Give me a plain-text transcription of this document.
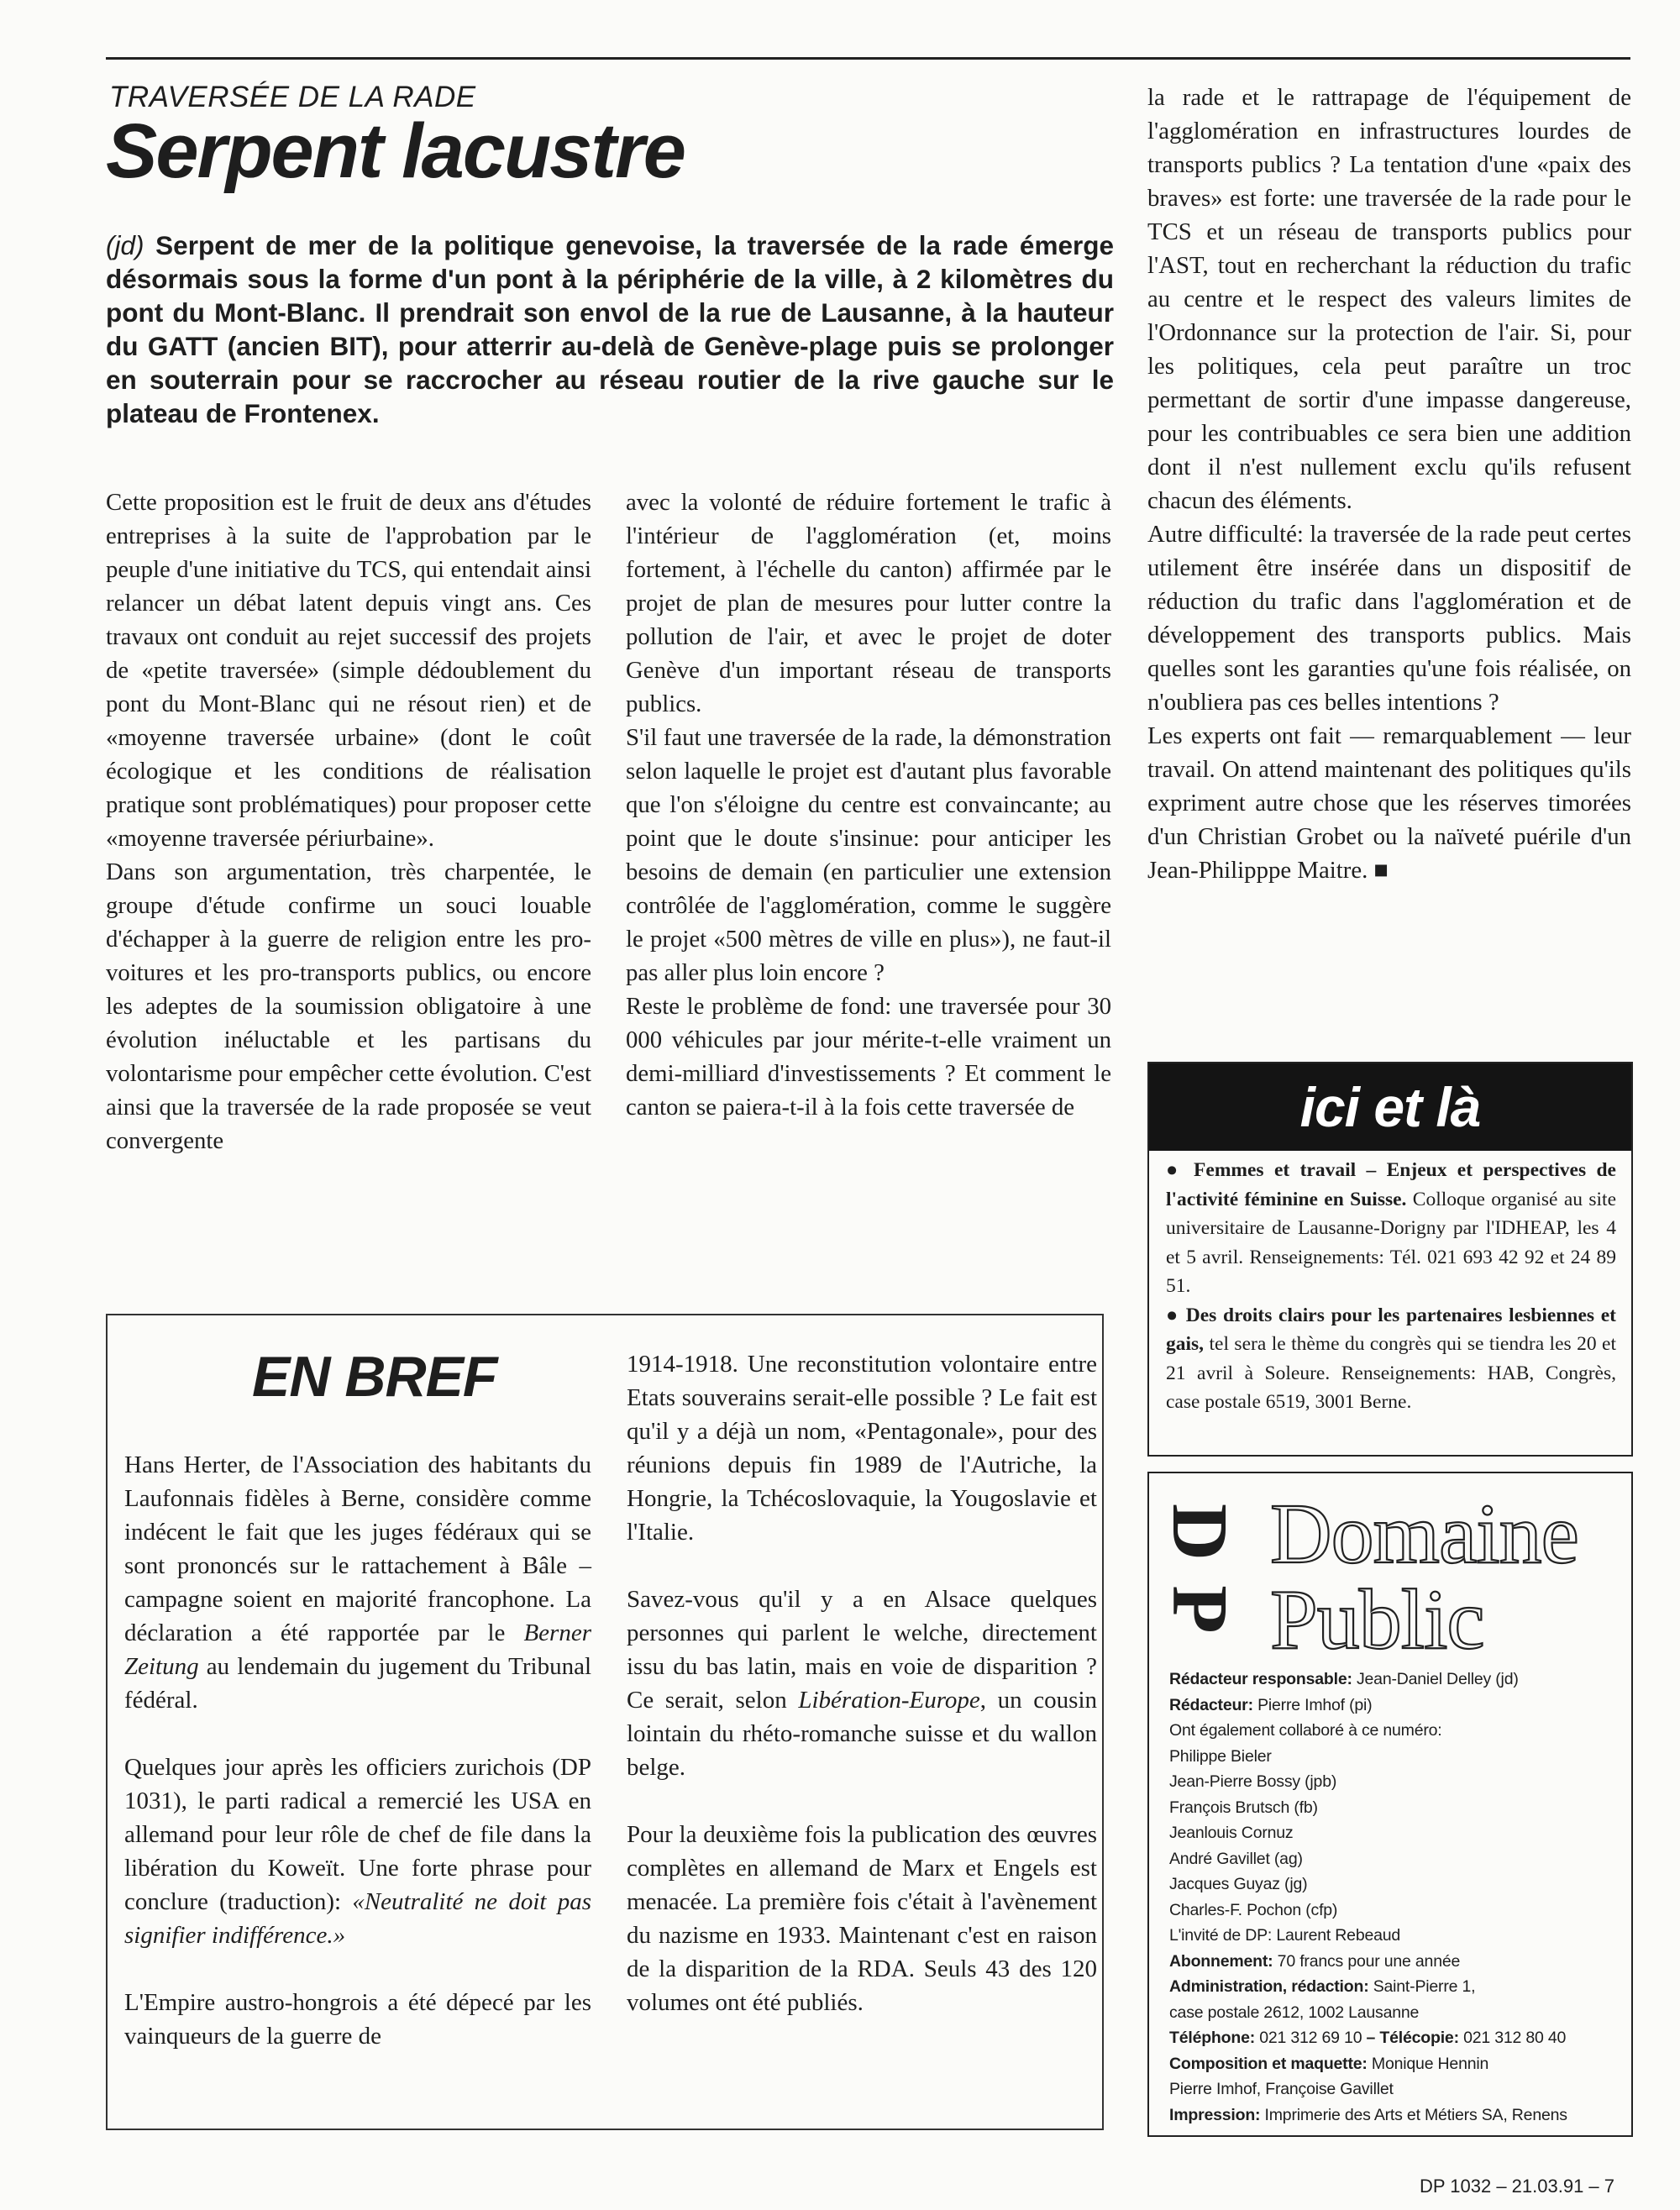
TRAVERSÉE DE LA RADE
Serpent lacustre
(jd) Serpent de mer de la politique genevoise, la traversée de la rade émerge désormais sous la forme d'un pont à la périphérie de la ville, à 2 kilomètres du pont du Mont-Blanc. Il prendrait son envol de la rue de Lausanne, à la hauteur du GATT (ancien BIT), pour atterrir au-delà de Genève-plage puis se prolonger en souterrain pour se raccrocher au réseau routier de la rive gauche sur le plateau de Frontenex.

Cette proposition est le fruit de deux ans d'études entreprises à la suite de l'approbation par le peuple d'une initiative du TCS, qui entendait ainsi relancer un débat latent depuis vingt ans. Ces travaux ont conduit au rejet successif des projets de «petite traversée» (simple dédoublement du pont du Mont-Blanc qui ne résout rien) et de «moyenne traversée urbaine» (dont le coût écologique et les conditions de réalisation pratique sont problématiques) pour proposer cette «moyenne traversée périurbaine».

Dans son argumentation, très charpentée, le groupe d'étude confirme un souci louable d'échapper à la guerre de religion entre les pro-voitures et les pro-transports publics, ou encore les adeptes de la soumission obligatoire à une évolution inéluctable et les partisans du volontarisme pour empêcher cette évolution. C'est ainsi que la traversée de la rade proposée se veut convergente

avec la volonté de réduire fortement le trafic à l'intérieur de l'agglomération (et, moins fortement, à l'échelle du canton) affirmée par le projet de plan de mesures pour lutter contre la pollution de l'air, et avec le projet de doter Genève d'un important réseau de transports publics.

S'il faut une traversée de la rade, la démonstration selon laquelle le projet est d'autant plus favorable que l'on s'éloigne du centre est convaincante; au point que le doute s'insinue: pour anticiper les besoins de demain (en particulier une extension contrôlée de l'agglomération, comme le suggère le projet «500 mètres de ville en plus»), ne faut-il pas aller plus loin encore ?

Reste le problème de fond: une traversée pour 30 000 véhicules par jour mérite-t-elle vraiment un demi-milliard d'investissements ? Et comment le canton se paiera-t-il à la fois cette traversée de

la rade et le rattrapage de l'équipement de l'agglomération en infrastructures lourdes de transports publics ? La tentation d'une «paix des braves» est forte: une traversée de la rade pour le TCS et un réseau de transports publics pour l'AST, tout en recherchant la réduction du trafic au centre et le respect des valeurs limites de l'Ordonnance sur la protection de l'air. Si, pour les politiques, cela peut paraître un troc permettant de sortir d'une impasse dangereuse, pour les contribuables ce sera bien une addition dont il n'est nullement exclu qu'ils refusent chacun des éléments.

Autre difficulté: la traversée de la rade peut certes utilement être insérée dans un dispositif de réduction du trafic dans l'agglomération et de développement des transports publics. Mais quelles sont les garanties qu'une fois réalisée, on n'oubliera pas ces belles intentions ?

Les experts ont fait — remarquablement — leur travail. On attend maintenant des politiques qu'ils expriment autre chose que les réserves timorées d'un Christian Grobet ou la naïveté puérile d'un Jean-Philipppe Maitre. ■

EN BREF

Hans Herter, de l'Association des habitants du Laufonnais fidèles à Berne, considère comme indécent le fait que les juges fédéraux qui se sont prononcés sur le rattachement à Bâle – campagne soient en majorité francophone. La déclaration a été rapportée par le Berner Zeitung au lendemain du jugement du Tribunal fédéral.

Quelques jour après les officiers zurichois (DP 1031), le parti radical a remercié les USA en allemand pour leur rôle de chef de file dans la libération du Koweït. Une forte phrase pour conclure (traduction): «Neutralité ne doit pas signifier indifférence.»

L'Empire austro-hongrois a été dépecé par les vainqueurs de la guerre de

1914-1918. Une reconstitution volontaire entre Etats souverains serait-elle possible ? Le fait est qu'il y a déjà un nom, «Pentagonale», pour des réunions depuis fin 1989 de l'Autriche, la Hongrie, la Tchécoslovaquie, la Yougoslavie et l'Italie.

Savez-vous qu'il y a en Alsace quelques personnes qui parlent le welche, directement issu du bas latin, mais en voie de disparition ? Ce serait, selon Libération-Europe, un cousin lointain du rhéto-romanche suisse et du wallon belge.

Pour la deuxième fois la publication des œuvres complètes en allemand de Marx et Engels est menacée. La première fois c'était à l'avènement du nazisme en 1933. Maintenant c'est en raison de la disparition de la RDA. Seuls 43 des 120 volumes ont été publiés.

ici et là

● Femmes et travail – Enjeux et perspectives de l'activité féminine en Suisse. Colloque organisé au site universitaire de Lausanne-Dorigny par l'IDHEAP, les 4 et 5 avril. Renseignements: Tél. 021 693 42 92 et 24 89 51.

● Des droits clairs pour les partenaires lesbiennes et gais, tel sera le thème du congrès qui se tiendra les 20 et 21 avril à Soleure. Renseignements: HAB, Congrès, case postale 6519, 3001 Berne.

D
P
Domaine
Public

Rédacteur responsable: Jean-Daniel Delley (jd)

Rédacteur: Pierre Imhof (pi)

Ont également collaboré à ce numéro:

Philippe Bieler

Jean-Pierre Bossy (jpb)

François Brutsch (fb)

Jeanlouis Cornuz

André Gavillet (ag)

Jacques Guyaz (jg)

Charles-F. Pochon (cfp)

L'invité de DP: Laurent Rebeaud

Abonnement: 70 francs pour une année

Administration, rédaction: Saint-Pierre 1,

case postale 2612, 1002 Lausanne

Téléphone: 021 312 69 10 – Télécopie: 021 312 80 40

Composition et maquette: Monique Hennin

Pierre Imhof, Françoise Gavillet

Impression: Imprimerie des Arts et Métiers SA, Renens

DP 1032 – 21.03.91 – 7
